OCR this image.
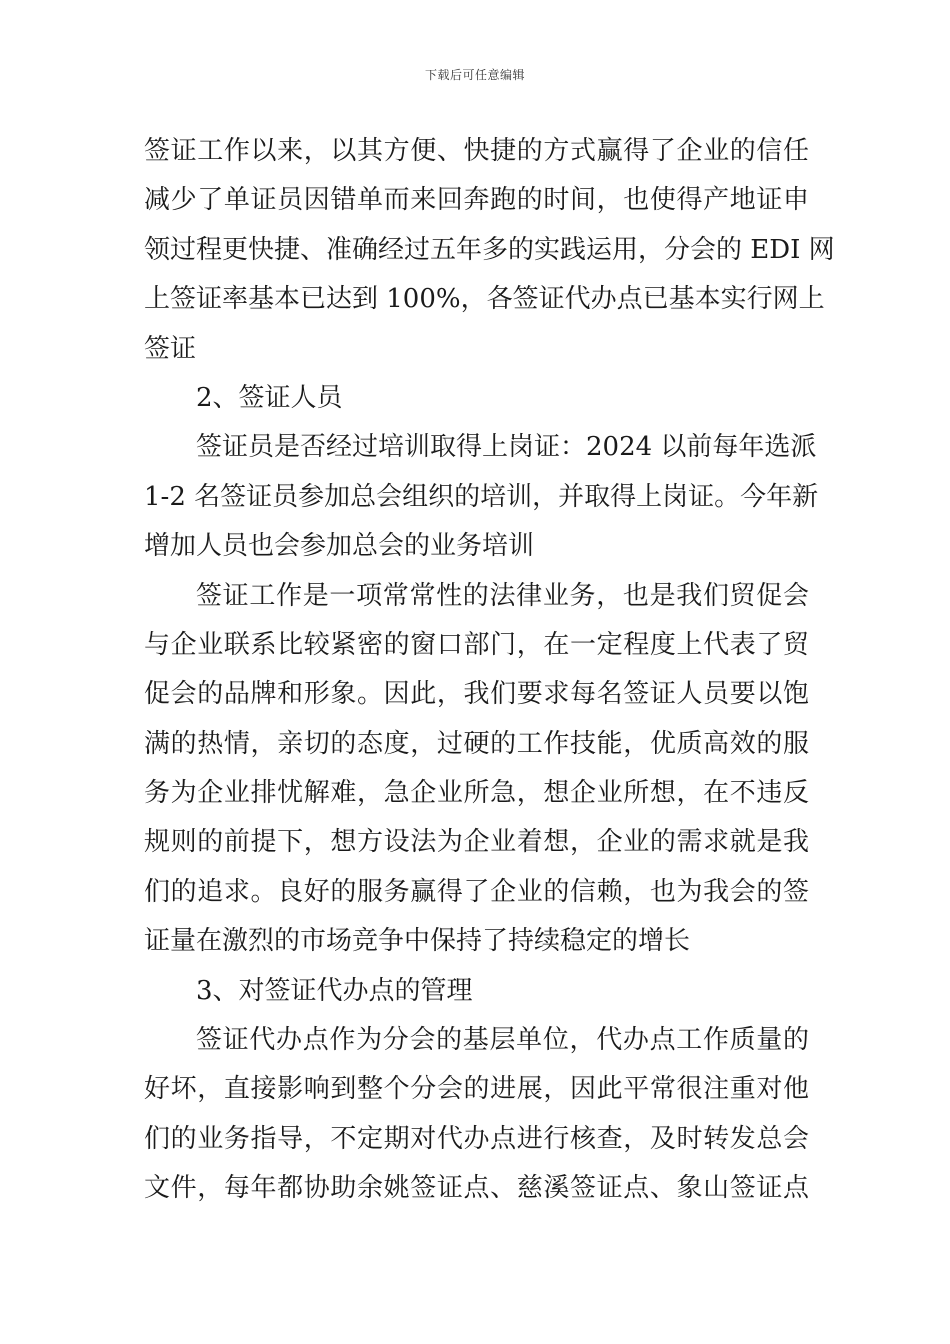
下载后可任意编辑
签证工作以来，以其方便、快捷的方式赢得了企业的信任
减少了单证员因错单而来回奔跑的时间，也使得产地证申
领过程更快捷、准确经过五年多的实践运用，分会的 EDI 网
上签证率基本已达到 100%，各签证代办点已基本实行网上
签证
2、签证人员
签证员是否经过培训取得上岗证：2024 以前每年选派
1-2 名签证员参加总会组织的培训，并取得上岗证。今年新
增加人员也会参加总会的业务培训
签证工作是一项常常性的法律业务，也是我们贸促会
与企业联系比较紧密的窗口部门，在一定程度上代表了贸
促会的品牌和形象。因此，我们要求每名签证人员要以饱
满的热情，亲切的态度，过硬的工作技能，优质高效的服
务为企业排忧解难，急企业所急，想企业所想，在不违反
规则的前提下，想方设法为企业着想，企业的需求就是我
们的追求。良好的服务赢得了企业的信赖，也为我会的签
证量在激烈的市场竞争中保持了持续稳定的增长
3、对签证代办点的管理
签证代办点作为分会的基层单位，代办点工作质量的
好坏，直接影响到整个分会的进展，因此平常很注重对他
们的业务指导，不定期对代办点进行核查，及时转发总会
文件，每年都协助余姚签证点、慈溪签证点、象山签证点
